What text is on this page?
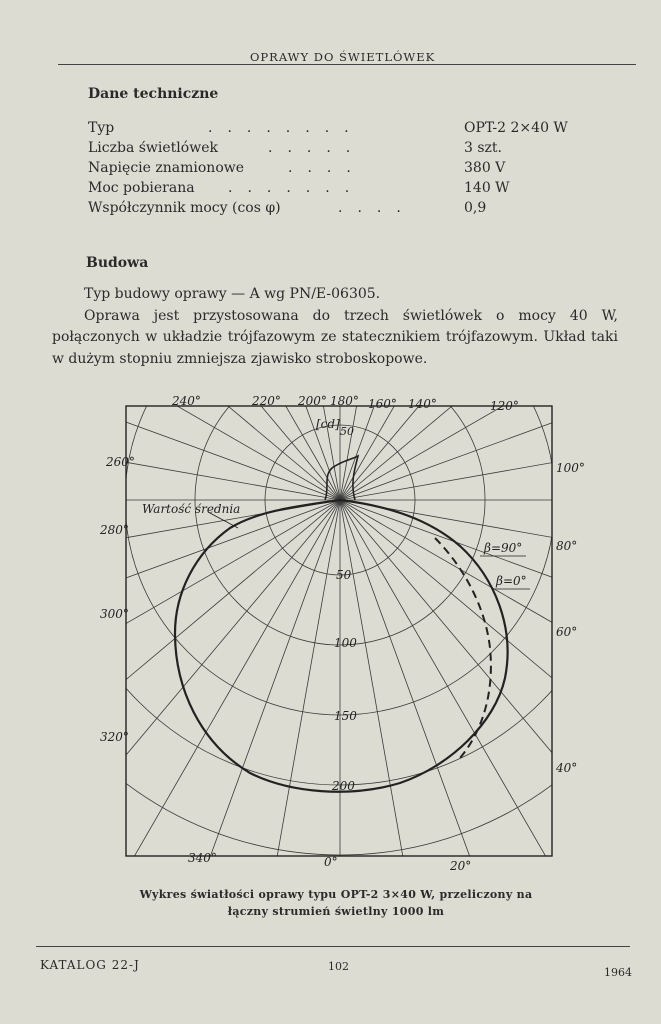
OPRAWY DO ŚWIETLÓWEK
Dane techniczne
Typ	........	OPT-2 2×40 W
Liczba świetlówek	.....	3 szt.
Napięcie znamionowe	....	380 V
Moc pobierana .......	140 W
Współczynnik mocy (cos φ)	....	0,9
Budowa

Typ budowy oprawy — A wg PN/E-06305.

Oprawa jest przystosowana do trzech świetlówek o mocy 40 W, połączonych w układzie trójfazowym ze statecznikiem trójfazowym. Układ taki w dużym stopniu zmniejsza zjawisko stroboskopowe.

[cd]
50
50
100
150
200
240°	220° 200° 180° 160° 140°	120°
100°
80°
60°
40°
20°
0°
340°
320°
300°
280°
260°
Wartość średnia
β=90°
β=0°
Wykres światłości oprawy typu OPT-2 3×40 W, przeliczony na
łączny strumień świetlny 1000 lm
KATALOG 22-J	102	1964
